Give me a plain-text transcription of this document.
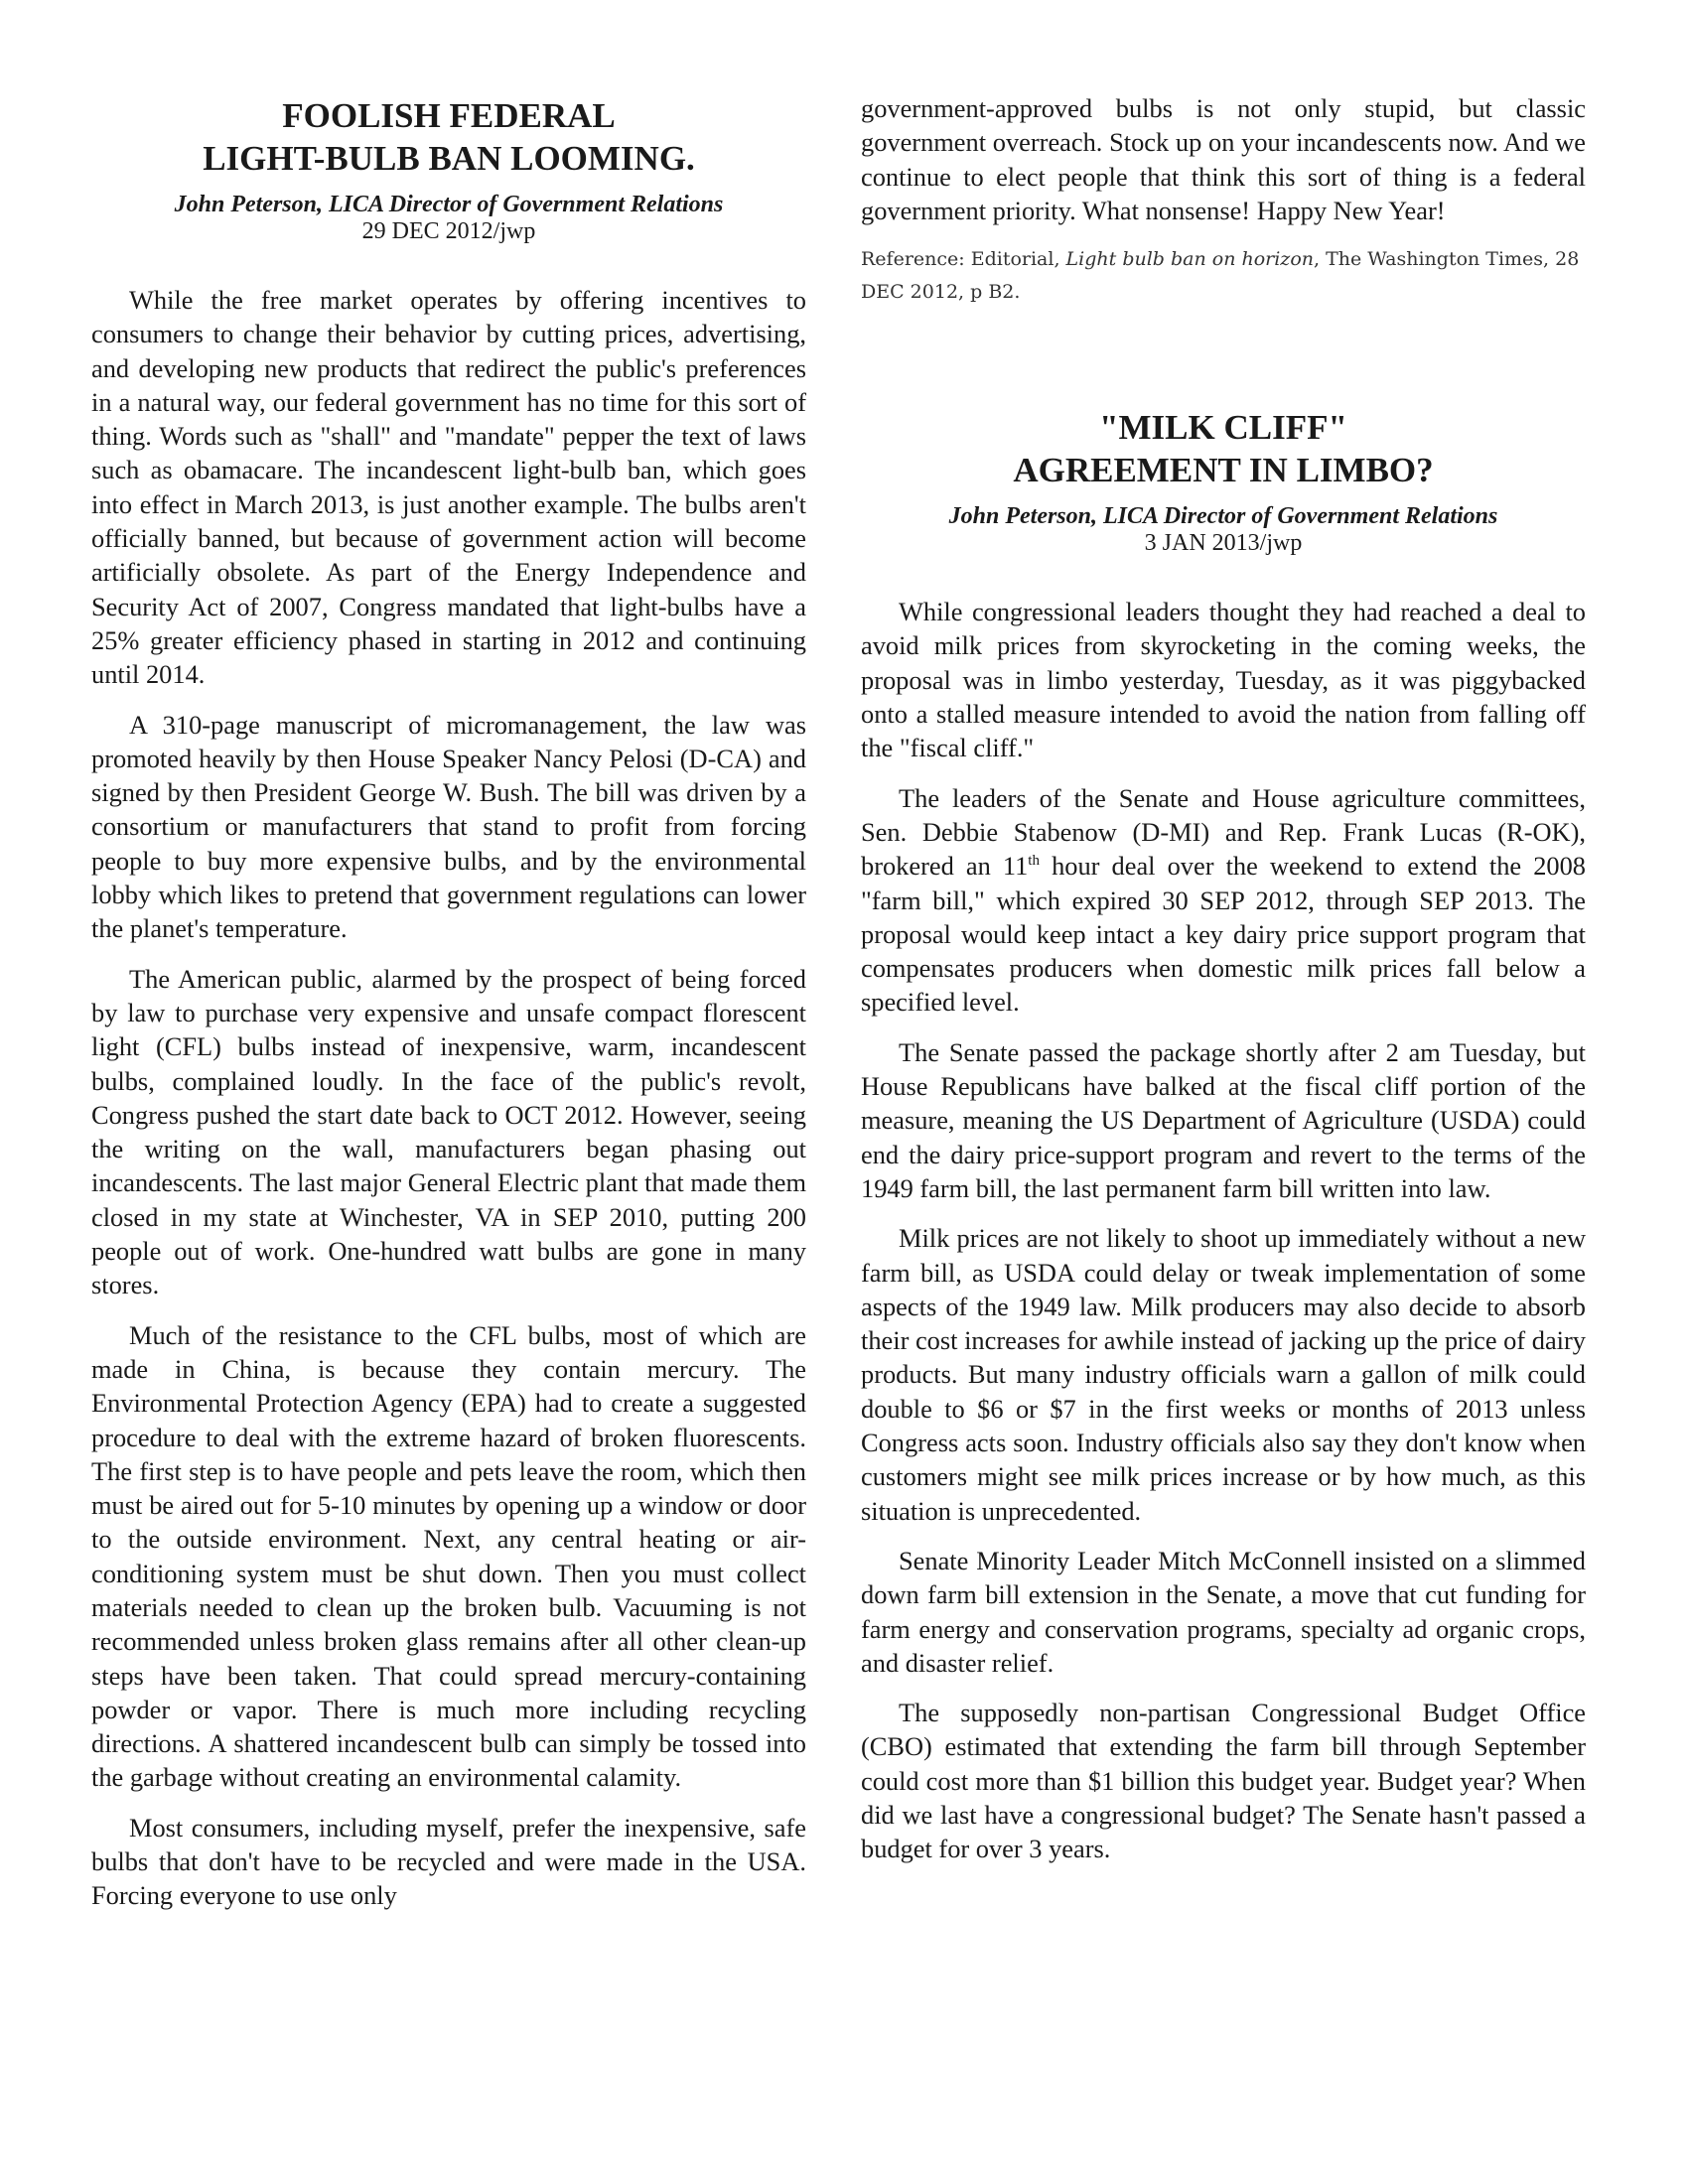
FOOLISH FEDERAL
LIGHT-BULB BAN LOOMING.

John Peterson, LICA Director of Government Relations

29 DEC 2012/jwp

While the free market operates by offering incentives to consumers to change their behavior by cutting prices, advertising, and developing new products that redirect the public's preferences in a natural way, our federal government has no time for this sort of thing. Words such as "shall" and "mandate" pepper the text of laws such as obamacare. The incandescent light-bulb ban, which goes into effect in March 2013, is just another example. The bulbs aren't officially banned, but because of government action will become artificially obsolete. As part of the Energy Independence and Security Act of 2007, Congress mandated that light-bulbs have a 25% greater efficiency phased in starting in 2012 and continuing until 2014.

A 310-page manuscript of micromanagement, the law was promoted heavily by then House Speaker Nancy Pelosi (D-CA) and signed by then President George W. Bush. The bill was driven by a consortium or manufacturers that stand to profit from forcing people to buy more expensive bulbs, and by the environmental lobby which likes to pretend that government regulations can lower the planet's temperature.

The American public, alarmed by the prospect of being forced by law to purchase very expensive and unsafe compact florescent light (CFL) bulbs instead of inexpensive, warm, incandescent bulbs, complained loudly. In the face of the public's revolt, Congress pushed the start date back to OCT 2012. However, seeing the writing on the wall, manufacturers began phasing out incandescents. The last major General Electric plant that made them closed in my state at Winchester, VA in SEP 2010, putting 200 people out of work. One-hundred watt bulbs are gone in many stores.

Much of the resistance to the CFL bulbs, most of which are made in China, is because they contain mercury. The Environmental Protection Agency (EPA) had to create a suggested procedure to deal with the extreme hazard of broken fluorescents. The first step is to have people and pets leave the room, which then must be aired out for 5-10 minutes by opening up a window or door to the outside environment. Next, any central heating or air-conditioning system must be shut down. Then you must collect materials needed to clean up the broken bulb. Vacuuming is not recommended unless broken glass remains after all other clean-up steps have been taken. That could spread mercury-containing powder or vapor. There is much more including recycling directions. A shattered incandescent bulb can simply be tossed into the garbage without creating an environmental calamity.

Most consumers, including myself, prefer the inexpensive, safe bulbs that don't have to be recycled and were made in the USA. Forcing everyone to use only

government-approved bulbs is not only stupid, but classic government overreach. Stock up on your incandescents now. And we continue to elect people that think this sort of thing is a federal government priority. What nonsense! Happy New Year!

Reference: Editorial, Light bulb ban on horizon, The Washington Times, 28 DEC 2012, p B2.

"MILK CLIFF"
AGREEMENT IN LIMBO?

John Peterson, LICA Director of Government Relations

3 JAN 2013/jwp

While congressional leaders thought they had reached a deal to avoid milk prices from skyrocketing in the coming weeks, the proposal was in limbo yesterday, Tuesday, as it was piggybacked onto a stalled measure intended to avoid the nation from falling off the "fiscal cliff."

The leaders of the Senate and House agriculture committees, Sen. Debbie Stabenow (D-MI) and Rep. Frank Lucas (R-OK), brokered an 11th hour deal over the weekend to extend the 2008 "farm bill," which expired 30 SEP 2012, through SEP 2013. The proposal would keep intact a key dairy price support program that compensates producers when domestic milk prices fall below a specified level.

The Senate passed the package shortly after 2 am Tuesday, but House Republicans have balked at the fiscal cliff portion of the measure, meaning the US Department of Agriculture (USDA) could end the dairy price-support program and revert to the terms of the 1949 farm bill, the last permanent farm bill written into law.

Milk prices are not likely to shoot up immediately without a new farm bill, as USDA could delay or tweak implementation of some aspects of the 1949 law. Milk producers may also decide to absorb their cost increases for awhile instead of jacking up the price of dairy products. But many industry officials warn a gallon of milk could double to $6 or $7 in the first weeks or months of 2013 unless Congress acts soon. Industry officials also say they don't know when customers might see milk prices increase or by how much, as this situation is unprecedented.

Senate Minority Leader Mitch McConnell insisted on a slimmed down farm bill extension in the Senate, a move that cut funding for farm energy and conservation programs, specialty ad organic crops, and disaster relief.

The supposedly non-partisan Congressional Budget Office (CBO) estimated that extending the farm bill through September could cost more than $1 billion this budget year. Budget year? When did we last have a congressional budget? The Senate hasn't passed a budget for over 3 years.
